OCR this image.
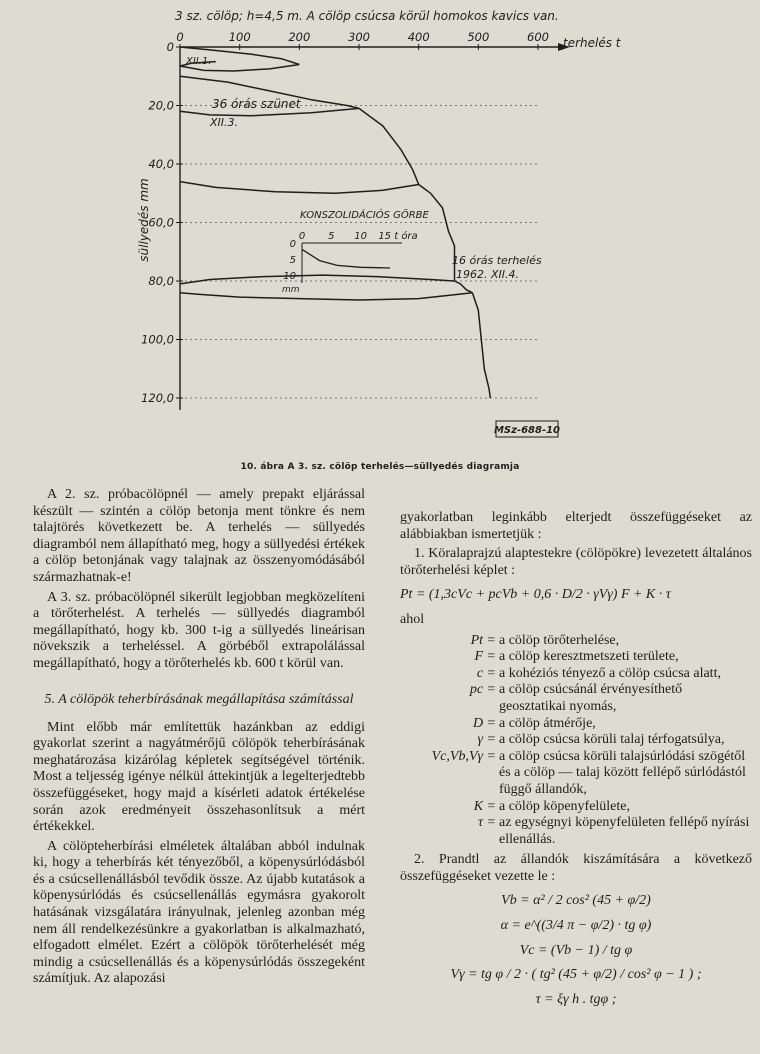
KONSZOLIDÁCIÓS GÖRBE
0 5 10 15 t óra
0
5
10
mm
0	100	200	300	400	500	600
0
20,0
40,0
60,0
80,0
100,0
120,0
3 sz. cölöp; h=4,5 m. A cölöp csúcsa körül homokos kavics van.
terhelés t
süllyedés mm
XII.1.
36 órás szünet
XII.3.
16 órás terhelés
1962. XII.4.
MSz-688-10
10. ábra A 3. sz. cölöp terhelés—süllyedés diagramja

A 2. sz. próbacölöpnél — amely prepakt eljárással készült — szintén a cölöp betonja ment tönkre és nem talajtörés következett be. A terhelés — süllyedés diagramból nem állapítható meg, hogy a süllyedési értékek a cölöp betonjának vagy talajnak az összenyomódásából származhatnak-e!

A 3. sz. próbacölöpnél sikerült legjobban megközelíteni a törőterhelést. A terhelés — süllyedés diagramból megállapítható, hogy kb. 300 t-ig a süllyedés lineárisan növekszik a terheléssel. A görbéből extrapolálással megállapítható, hogy a törőterhelés kb. 600 t körül van.

5. A cölöpök teherbírásának megállapítása számítással

Mint előbb már említettük hazánkban az eddigi gyakorlat szerint a nagyátmérőjű cölöpök teherbírásának meghatározása kizárólag képletek segítségével történik. Most a teljesség igénye nélkül áttekintjük a legelterjedtebb összefüggéseket, hogy majd a kísérleti adatok értékelése során azok eredményeit összehasonlítsuk a mért értékekkel.

A cölöpteherbírási elméletek általában abból indulnak ki, hogy a teherbírás két tényezőből, a köpenysúrlódásból és a csúcsellenállásból tevődik össze. Az újabb kutatások a köpenysúrlódás és csúcsellenállás egymásra gyakorolt hatásának vizsgálatára irányulnak, jelenleg azonban még nem áll rendelkezésünkre a gyakorlatban is alkalmazható, elfogadott elmélet. Ezért a cölöpök törőterhelését még mindig a csúcsellenállás és a köpenysúrlódás összegeként számítjuk. Az alapozási

gyakorlatban leginkább elterjedt összefüggéseket az alábbiakban ismertetjük :

1. Köralaprajzú alaptestekre (cölöpökre) levezetett általános törőterhelési képlet :

Pt = (1,3cVc + pcVb + 0,6 · D/2 · γVγ) F + K · τ
ahol
Pt = a cölöp törőterhelése,
F = a cölöp keresztmetszeti területe,
c = a kohéziós tényező a cölöp csúcsa alatt,
pc = a cölöp csúcsánál érvényesíthető geosztatikai nyomás,
D = a cölöp átmérője,
γ = a cölöp csúcsa körüli talaj térfogatsúlya,
Vc,Vb,Vγ = a cölöp csúcsa körüli talajsúrlódási szögétől és a cölöp — talaj között fellépő súrlódástól függő állandók,
K = a cölöp köpenyfelülete,
τ = az egységnyi köpenyfelületen fellépő nyírási ellenállás.

2. Prandtl az állandók kiszámítására a következő összefüggéseket vezette le :

Vb = α² / 2 cos² (45 + φ/2)
α = e^((3/4 π − φ/2) · tg φ)
Vc = (Vb − 1) / tg φ
Vγ = tg φ / 2 · ( tg² (45 + φ/2) / cos² φ − 1 ) ;
τ = ξγ h . tgφ ;
